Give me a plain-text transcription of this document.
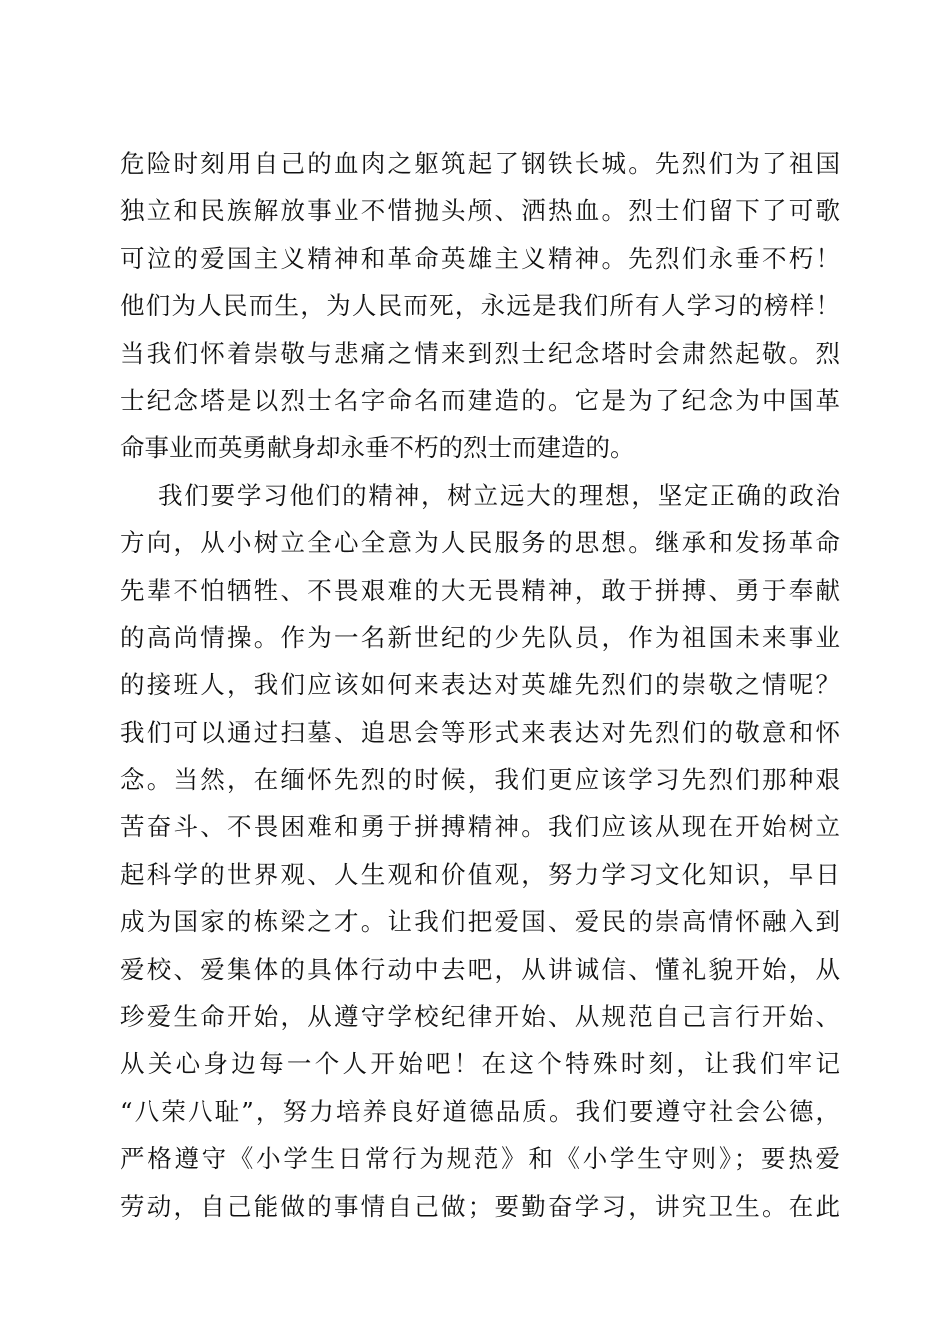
危险时刻用自己的血肉之躯筑起了钢铁长城。先烈们为了祖国
独立和民族解放事业不惜抛头颅、洒热血。烈士们留下了可歌
可泣的爱国主义精神和革命英雄主义精神。先烈们永垂不朽！
他们为人民而生，为人民而死，永远是我们所有人学习的榜样！
当我们怀着崇敬与悲痛之情来到烈士纪念塔时会肃然起敬。烈
士纪念塔是以烈士名字命名而建造的。它是为了纪念为中国革
命事业而英勇献身却永垂不朽的烈士而建造的。
我们要学习他们的精神，树立远大的理想，坚定正确的政治
方向，从小树立全心全意为人民服务的思想。继承和发扬革命
先辈不怕牺牲、不畏艰难的大无畏精神，敢于拼搏、勇于奉献
的高尚情操。作为一名新世纪的少先队员，作为祖国未来事业
的接班人，我们应该如何来表达对英雄先烈们的崇敬之情呢？
我们可以通过扫墓、追思会等形式来表达对先烈们的敬意和怀
念。当然，在缅怀先烈的时候，我们更应该学习先烈们那种艰
苦奋斗、不畏困难和勇于拼搏精神。我们应该从现在开始树立
起科学的世界观、人生观和价值观，努力学习文化知识，早日
成为国家的栋梁之才。让我们把爱国、爱民的崇高情怀融入到
爱校、爱集体的具体行动中去吧，从讲诚信、懂礼貌开始，从
珍爱生命开始，从遵守学校纪律开始、从规范自己言行开始、
从关心身边每一个人开始吧！在这个特殊时刻，让我们牢记
“八荣八耻”，努力培养良好道德品质。我们要遵守社会公德，
严格遵守《小学生日常行为规范》和《小学生守则》；要热爱
劳动，自己能做的事情自己做；要勤奋学习，讲究卫生。在此
